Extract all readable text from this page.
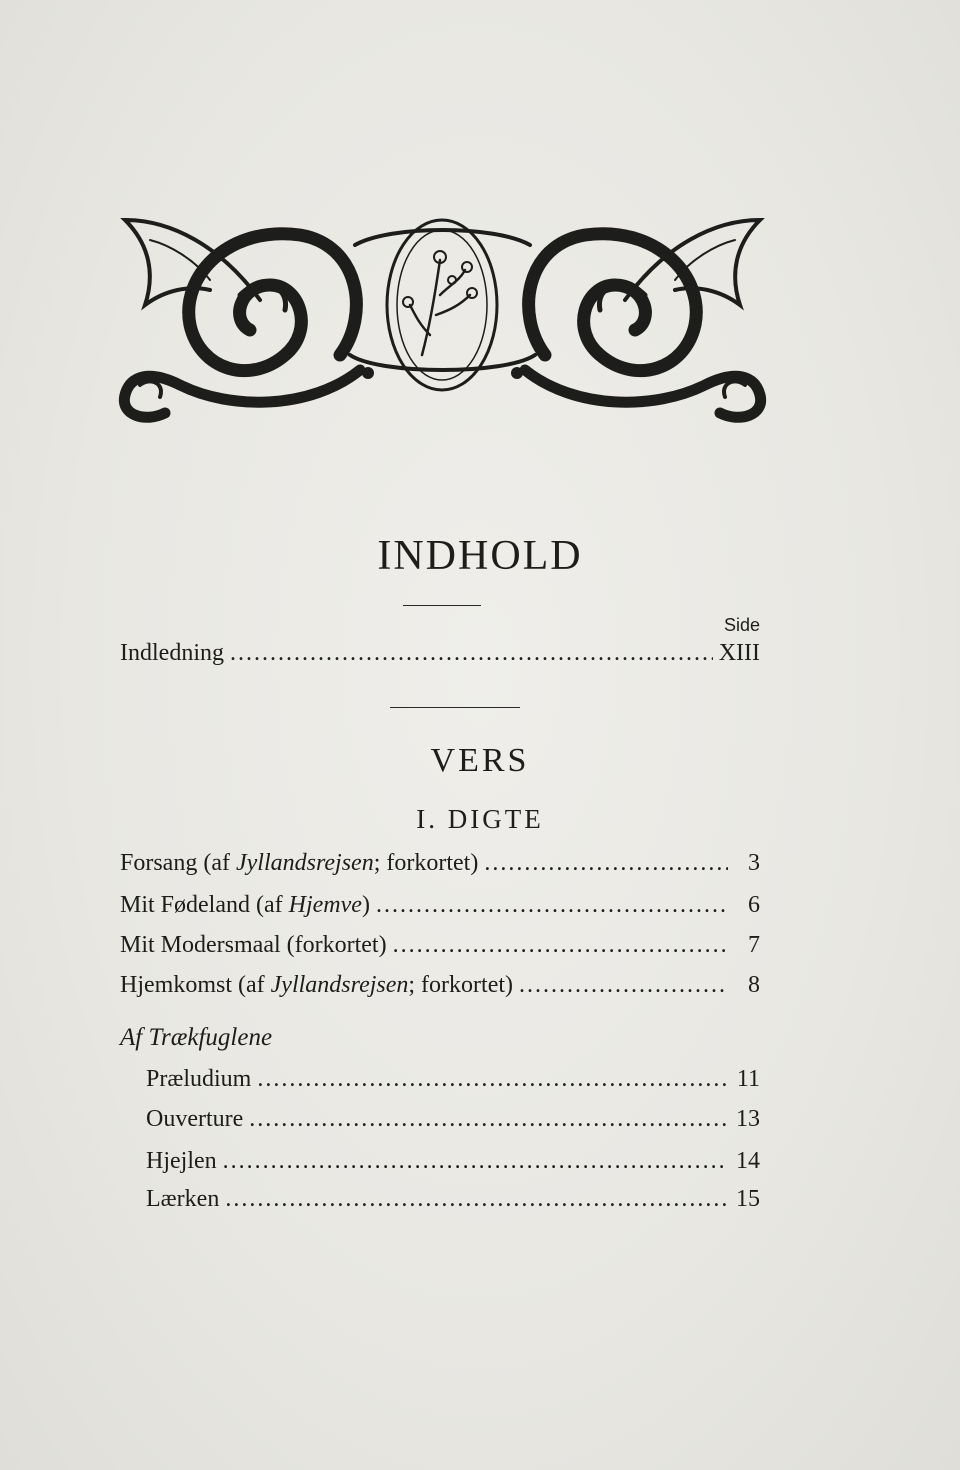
INDHOLD
Side
Indledning . . .	XIII
VERS
I. DIGTE
Forsang (af Jyllandsrejsen; forkortet) . . .	3
Mit Fødeland (af Hjemve) . . .	6
Mit Modersmaal (forkortet) . . .	7
Hjemkomst (af Jyllandsrejsen; forkortet) . . .	8
Af Trækfuglene
Præludium . . .	11
Ouverture . . .	13
Hjejlen . . .	14
Lærken . . .	15
